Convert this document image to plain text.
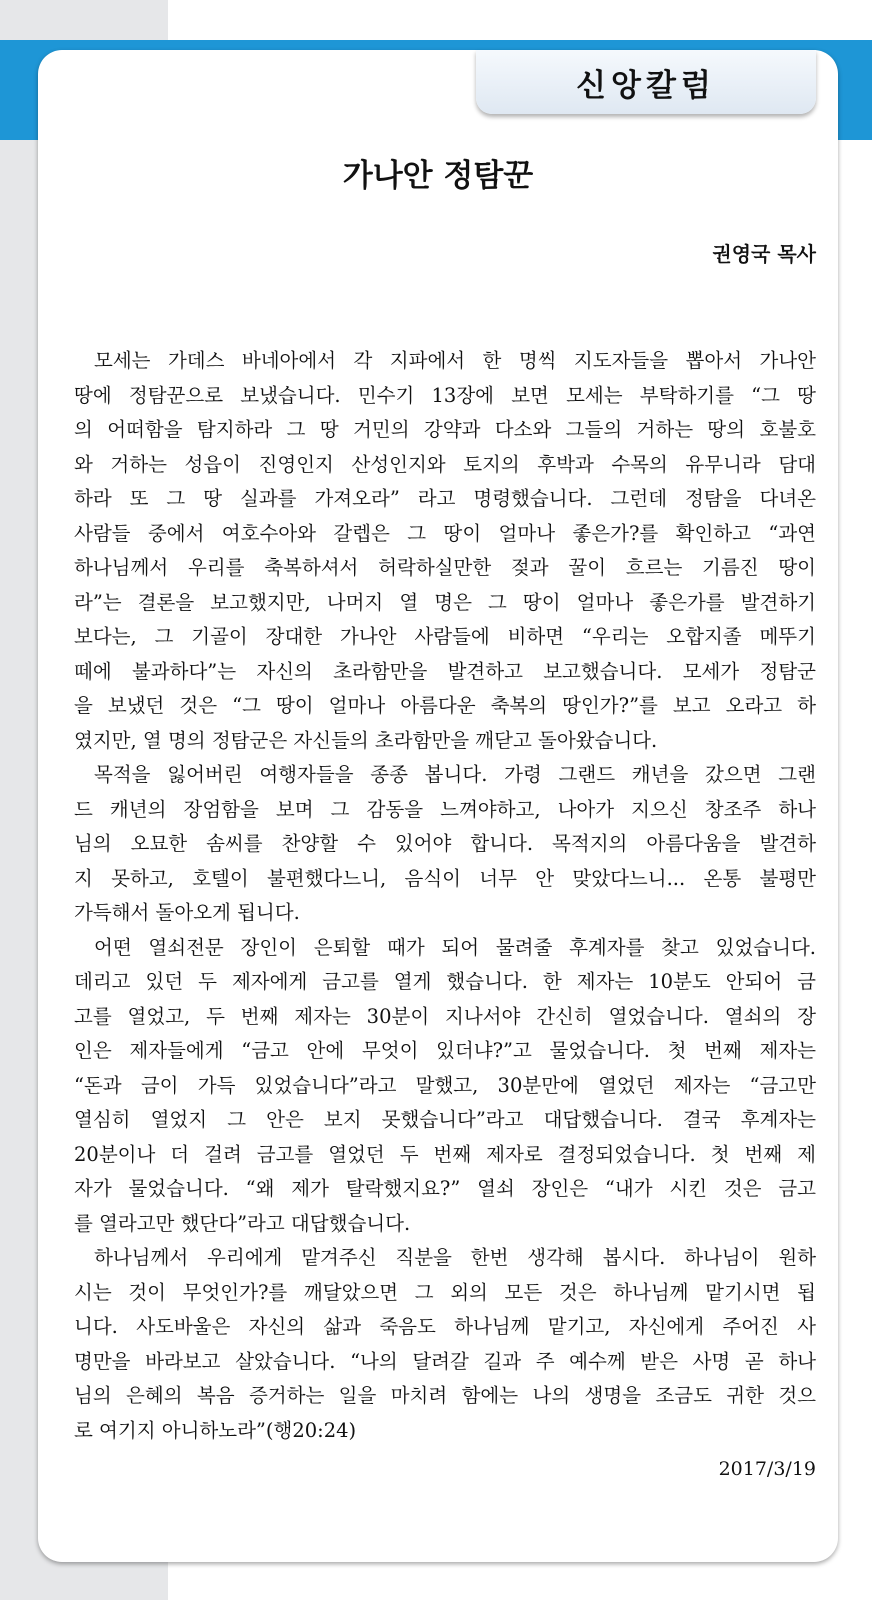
신앙칼럼
가나안 정탐꾼
권영국 목사
모세는 가데스 바네아에서 각 지파에서 한 명씩 지도자들을 뽑아서 가나안
땅에 정탐꾼으로 보냈습니다. 민수기 13장에 보면 모세는 부탁하기를 “그 땅
의 어떠함을 탐지하라 그 땅 거민의 강약과 다소와 그들의 거하는 땅의 호불호
와 거하는 성읍이 진영인지 산성인지와 토지의 후박과 수목의 유무니라 담대
하라 또 그 땅 실과를 가져오라” 라고 명령했습니다. 그런데 정탐을 다녀온
사람들 중에서 여호수아와 갈렙은 그 땅이 얼마나 좋은가?를 확인하고 “과연
하나님께서 우리를 축복하셔서 허락하실만한 젖과 꿀이 흐르는 기름진 땅이
라”는 결론을 보고했지만, 나머지 열 명은 그 땅이 얼마나 좋은가를 발견하기
보다는, 그 기골이 장대한 가나안 사람들에 비하면 “우리는 오합지졸 메뚜기
떼에 불과하다”는 자신의 초라함만을 발견하고 보고했습니다. 모세가 정탐군
을 보냈던 것은 “그 땅이 얼마나 아름다운 축복의 땅인가?”를 보고 오라고 하
였지만, 열 명의 정탐군은 자신들의 초라함만을 깨닫고 돌아왔습니다.
목적을 잃어버린 여행자들을 종종 봅니다. 가령 그랜드 캐년을 갔으면 그랜
드 캐년의 장엄함을 보며 그 감동을 느껴야하고, 나아가 지으신 창조주 하나
님의 오묘한 솜씨를 찬양할 수 있어야 합니다. 목적지의 아름다움을 발견하
지 못하고, 호텔이 불편했다느니, 음식이 너무 안 맞았다느니... 온통 불평만
가득해서 돌아오게 됩니다.
어떤 열쇠전문 장인이 은퇴할 때가 되어 물려줄 후계자를 찾고 있었습니다.
데리고 있던 두 제자에게 금고를 열게 했습니다. 한 제자는 10분도 안되어 금
고를 열었고, 두 번째 제자는 30분이 지나서야 간신히 열었습니다. 열쇠의 장
인은 제자들에게 “금고 안에 무엇이 있더냐?”고 물었습니다. 첫 번째 제자는
“돈과 금이 가득 있었습니다”라고 말했고, 30분만에 열었던 제자는 “금고만
열심히 열었지 그 안은 보지 못했습니다”라고 대답했습니다. 결국 후계자는
20분이나 더 걸려 금고를 열었던 두 번째 제자로 결정되었습니다. 첫 번째 제
자가 물었습니다. “왜 제가 탈락했지요?” 열쇠 장인은 “내가 시킨 것은 금고
를 열라고만 했단다”라고 대답했습니다.
하나님께서 우리에게 맡겨주신 직분을 한번 생각해 봅시다. 하나님이 원하
시는 것이 무엇인가?를 깨달았으면 그 외의 모든 것은 하나님께 맡기시면 됩
니다. 사도바울은 자신의 삶과 죽음도 하나님께 맡기고, 자신에게 주어진 사
명만을 바라보고 살았습니다. “나의 달려갈 길과 주 예수께 받은 사명 곧 하나
님의 은혜의 복음 증거하는 일을 마치려 함에는 나의 생명을 조금도 귀한 것으
로 여기지 아니하노라”(행20:24)
2017/3/19
